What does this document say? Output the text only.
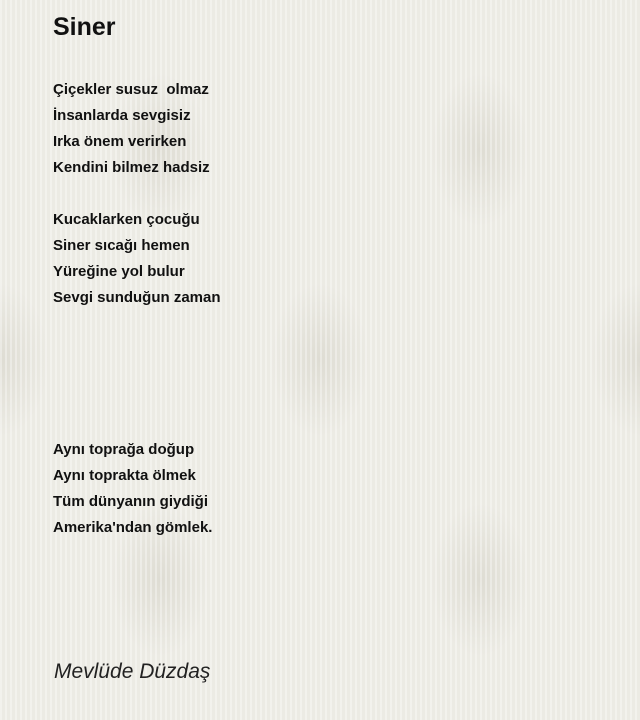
Siner
Çiçekler susuz  olmaz
İnsanlarda sevgisiz
Irka önem verirken
Kendini bilmez hadsiz
Kucaklarken çocuğu
Siner sıcağı hemen
Yüreğine yol bulur
Sevgi sunduğun zaman
Aynı toprağa doğup
Aynı toprakta ölmek
Tüm dünyanın giydiği
Amerika'ndan gömlek.
Mevlüde Düzdaş
